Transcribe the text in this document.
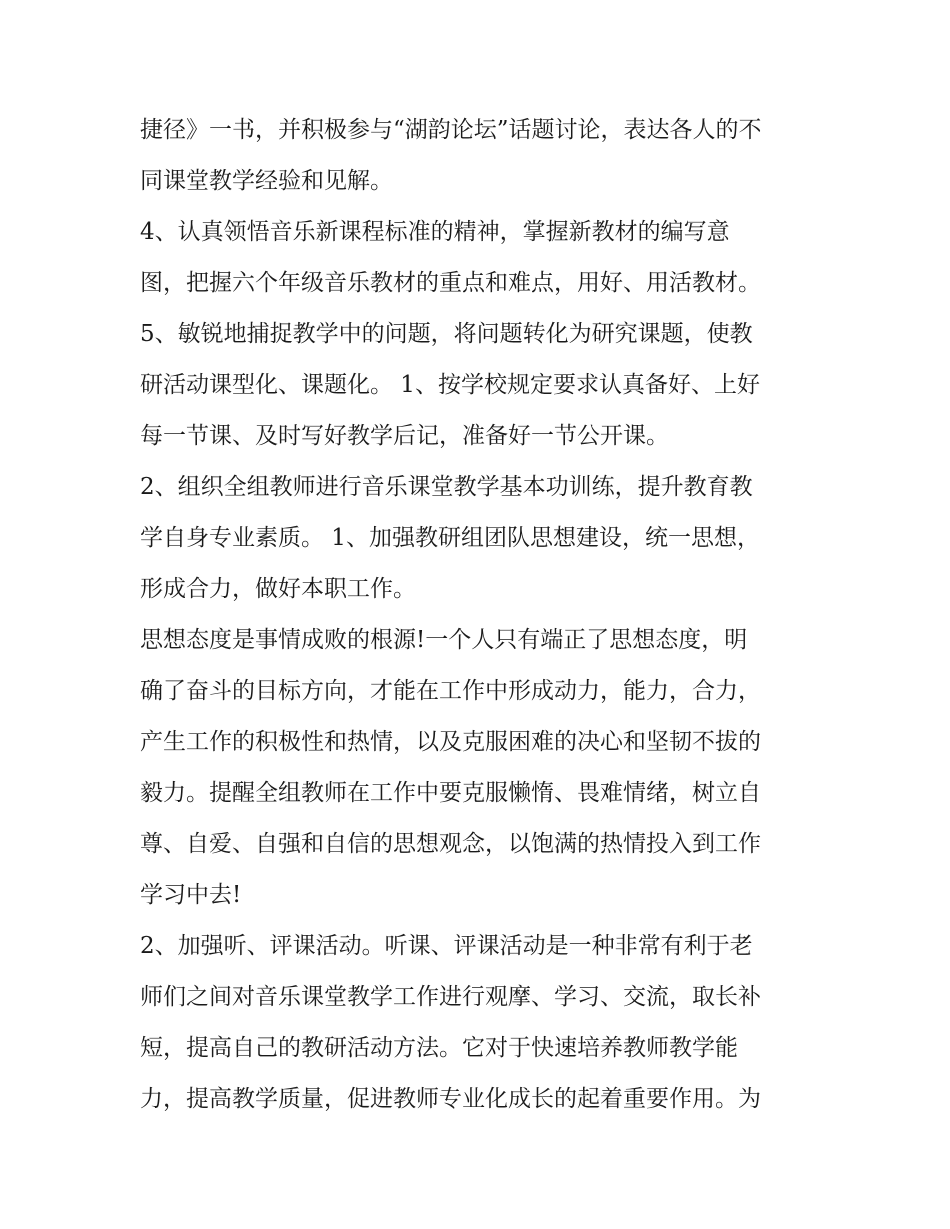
捷径》一书，并积极参与“湖韵论坛”话题讨论，表达各人的不
同课堂教学经验和见解。
4、认真领悟音乐新课程标准的精神，掌握新教材的编写意
图，把握六个年级音乐教材的重点和难点，用好、用活教材。
5、敏锐地捕捉教学中的问题，将问题转化为研究课题，使教
研活动课型化、课题化。 1、按学校规定要求认真备好、上好
每一节课、及时写好教学后记，准备好一节公开课。
2、组织全组教师进行音乐课堂教学基本功训练，提升教育教
学自身专业素质。 1、加强教研组团队思想建设，统一思想，
形成合力，做好本职工作。
思想态度是事情成败的根源!一个人只有端正了思想态度，明
确了奋斗的目标方向，才能在工作中形成动力，能力，合力，
产生工作的积极性和热情，以及克服困难的决心和坚韧不拔的
毅力。提醒全组教师在工作中要克服懒惰、畏难情绪，树立自
尊、自爱、自强和自信的思想观念，以饱满的热情投入到工作
学习中去!
2、加强听、评课活动。听课、评课活动是一种非常有利于老
师们之间对音乐课堂教学工作进行观摩、学习、交流，取长补
短，提高自己的教研活动方法。它对于快速培养教师教学能
力，提高教学质量，促进教师专业化成长的起着重要作用。为
